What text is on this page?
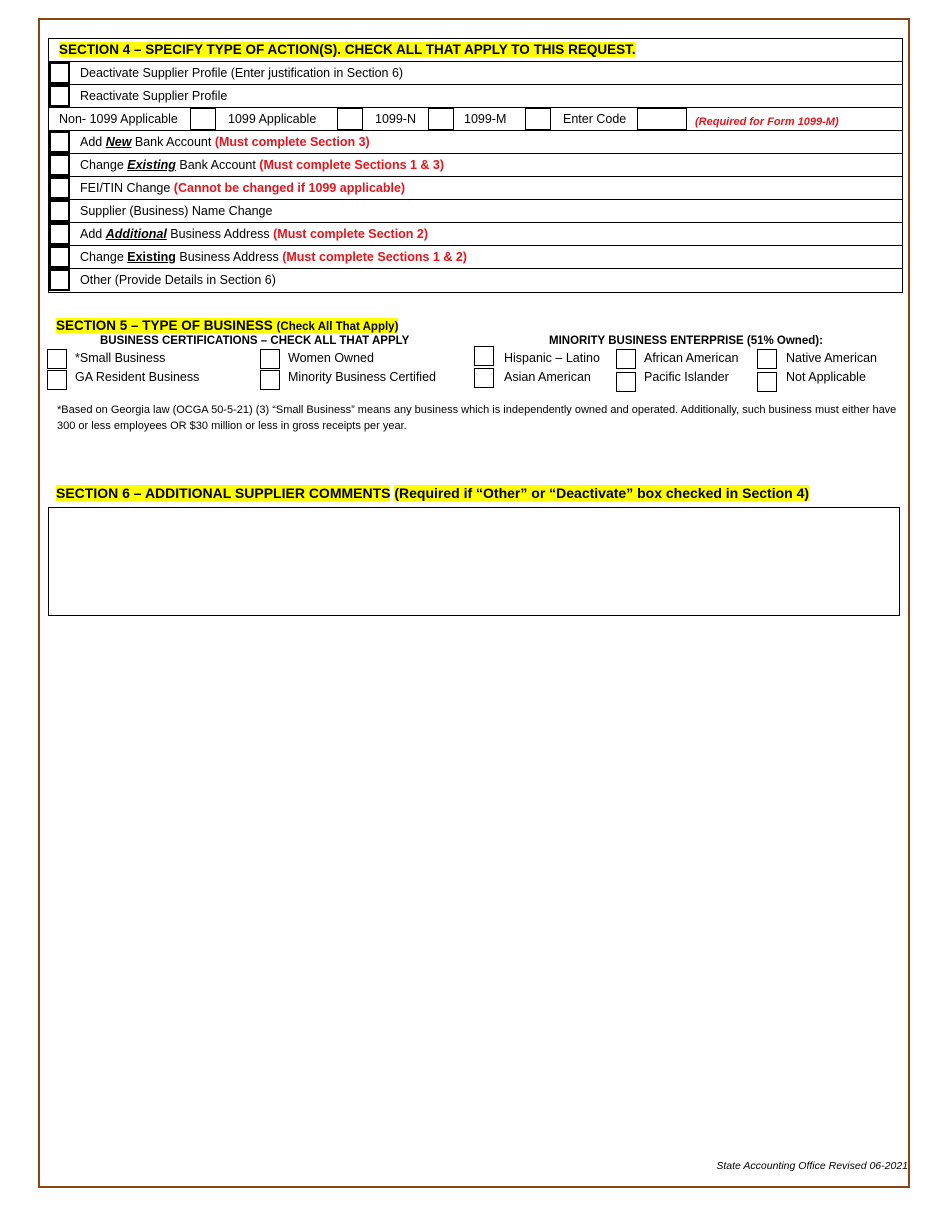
SECTION 4 – SPECIFY TYPE OF ACTION(S). CHECK ALL THAT APPLY TO THIS REQUEST.
Deactivate Supplier Profile (Enter justification in Section 6)
Reactivate Supplier Profile
Non- 1099 Applicable	1099 Applicable	1099-N	1099-M	Enter Code	(Required for Form 1099-M)
Add New Bank Account (Must complete Section 3)
Change Existing Bank Account (Must complete Sections 1 & 3)
FEI/TIN Change (Cannot be changed if 1099 applicable)
Supplier (Business) Name Change
Add Additional Business Address (Must complete Section 2)
Change Existing Business Address (Must complete Sections 1 & 2)
Other (Provide Details in Section 6)
SECTION 5 – TYPE OF BUSINESS (Check All That Apply)
BUSINESS CERTIFICATIONS – CHECK ALL THAT APPLY	MINORITY BUSINESS ENTERPRISE (51% Owned):
*Small Business
GA Resident Business
Women Owned
Minority Business Certified
Hispanic – Latino
Asian American
African American
Pacific Islander
Native American
Not Applicable
*Based on Georgia law (OCGA 50-5-21) (3) “Small Business” means any business which is independently owned and operated. Additionally, such business must either have 300 or less employees OR $30 million or less in gross receipts per year.
SECTION 6 – ADDITIONAL SUPPLIER COMMENTS (Required if “Other” or “Deactivate” box checked in Section 4)
State Accounting Office Revised 06-2021
